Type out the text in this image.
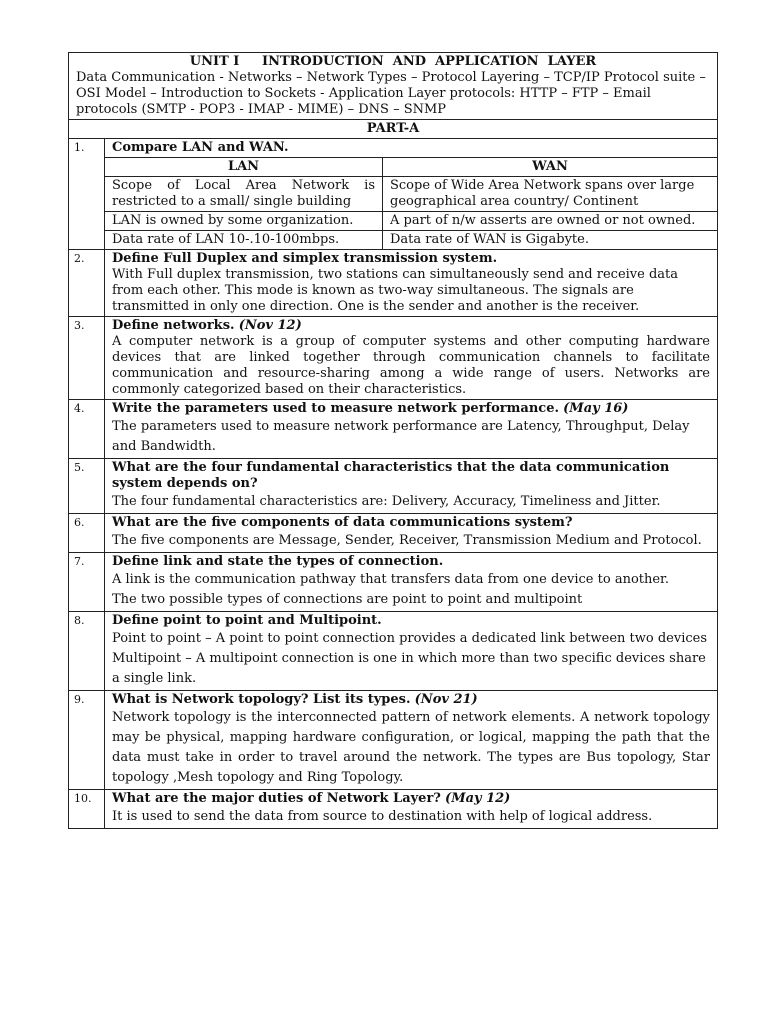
UNIT I     INTRODUCTION  AND  APPLICATION  LAYER
Data Communication - Networks – Network Types – Protocol Layering – TCP/IP Protocol suite – OSI Model – Introduction to Sockets - Application Layer protocols: HTTP – FTP – Email protocols (SMTP - POP3 - IMAP - MIME) – DNS – SNMP

PART-A
1.	Compare LAN and WAN.
LAN	WAN
Scope of Local Area Network is restricted to a small/ single building	Scope of Wide Area Network spans over large geographical area country/ Continent
LAN is owned by some organization.	A part of n/w asserts are owned or not owned.
Data rate of LAN 10-.10-100mbps.	Data rate of WAN is Gigabyte.

2.	Define Full Duplex and simplex transmission system.

With Full duplex transmission, two stations can simultaneously send and receive data from each other. This mode is known as two-way simultaneous. The signals are transmitted in only one direction. One is the sender and another is the receiver.

3.	Define networks. (Nov 12)

A computer network is a group of computer systems and other computing hardware devices that are linked together through communication channels to facilitate communication and resource-sharing among a wide range of users. Networks are commonly categorized based on their characteristics.

4.	Write the parameters used to measure network performance. (May 16)

The parameters used to measure network performance are Latency, Throughput, Delay and Bandwidth.

5.	What are the four fundamental characteristics that the data communication system depends on?

The four fundamental characteristics are: Delivery, Accuracy, Timeliness and Jitter.

6.	What are the five components of data communications system?

The five components are Message, Sender, Receiver, Transmission Medium and Protocol.

7.	Define link and state the types of connection.

A link is the communication pathway that transfers data from one device to another.

The two possible types of connections are point to point and multipoint

8.	Define point to point and Multipoint.

Point to point – A point to point connection provides a dedicated link between two devices

Multipoint – A multipoint connection is one in which more than two specific devices share a single link.

9.	What is Network topology? List its types. (Nov 21)

Network topology is the interconnected pattern of network elements. A network topology may be physical, mapping hardware configuration, or logical, mapping the path that the data must take in order to travel around the network. The types are Bus topology, Star topology ,Mesh topology and Ring Topology.

10.	What are the major duties of Network Layer? (May 12)

It is used to send the data from source to destination with help of logical address.
